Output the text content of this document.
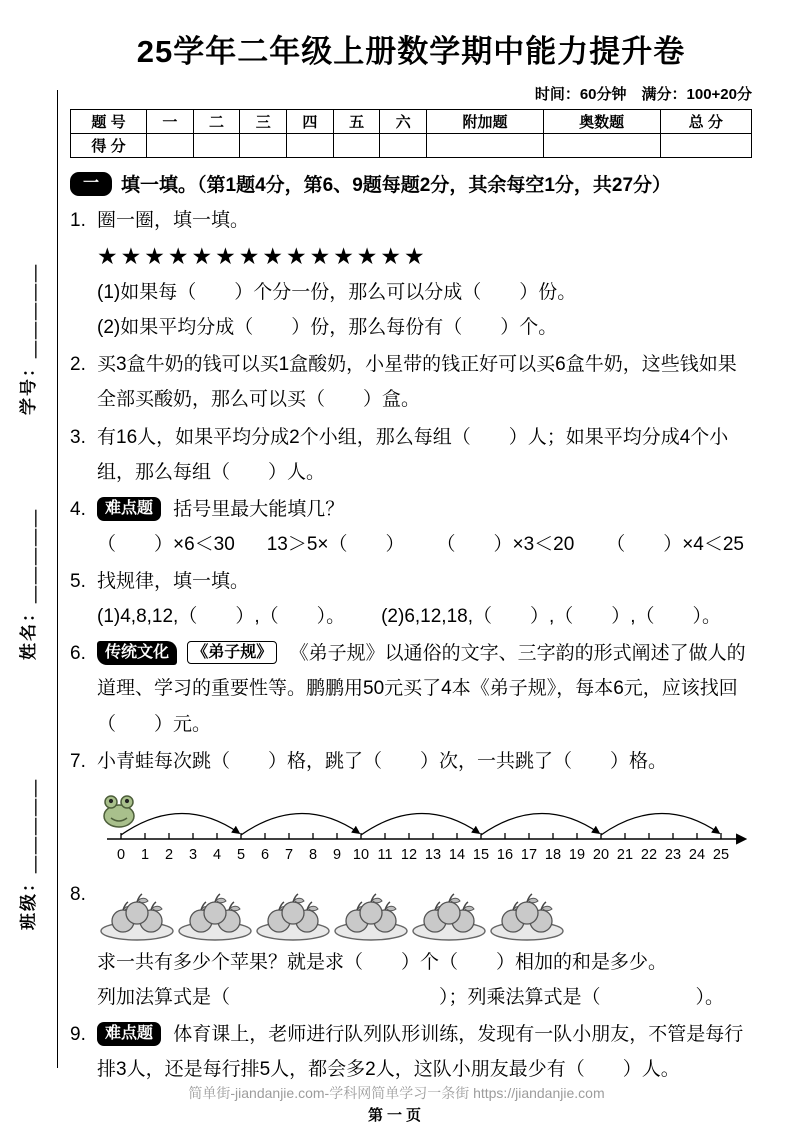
学号：＿＿＿＿＿
姓名：＿＿＿＿＿
班级：＿＿＿＿＿
25学年二年级上册数学期中能力提升卷
时间：60分钟　满分：100+20分
题 号	一	二	三	四	五	六	附加题	奥数题	总 分
得 分									
一	填一填。（第1题4分，第6、9题每题2分，其余每空1分，共27分）
1. 圈一圈，填一填。
★★★★★★★★★★★★★★
(1)如果每（　　）个分一份，那么可以分成（　　）份。
(2)如果平均分成（　　）份，那么每份有（　　）个。
2. 买3盒牛奶的钱可以买1盒酸奶，小星带的钱正好可以买6盒牛奶，这些钱如果全部买酸奶，那么可以买（　　）盒。
3. 有16人，如果平均分成2个小组，那么每组（　　）人；如果平均分成4个小组，那么每组（　　）人。
4.	难点题 括号里最大能填几？
（　　）×6＜30 13＞5×（　　） （　　）×3＜20 （　　）×4＜25
5. 找规律，填一填。
(1)4,8,12,（　　）,（　　）。 (2)6,12,18,（　　）,（　　）,（　　）。
6.	传统文化 《弟子规》 《弟子规》以通俗的文字、三字韵的形式阐述了做人的道理、学习的重要性等。鹏鹏用50元买了4本《弟子规》，每本6元，应该找回（　　）元。
7. 小青蛙每次跳（　　）格，跳了（　　）次，一共跳了（　　）格。
0 1 2 3 4 5 6 7 8 9 10 11 12 13 14 15 16 17 18 19 20 21 22 23 24 25
8.
求一共有多少个苹果？就是求（　　）个（　　）相加的和是多少。
列加法算式是（　　　　　　　　　　　）；列乘法算式是（　　　　　）。
9.	难点题 体育课上，老师进行队列队形训练，发现有一队小朋友，不管是每行排3人，还是每行排5人，都会多2人，这队小朋友最少有（　　）人。
简单街-jiandanjie.com-学科网简单学习一条街 https://jiandanjie.com
第一页
